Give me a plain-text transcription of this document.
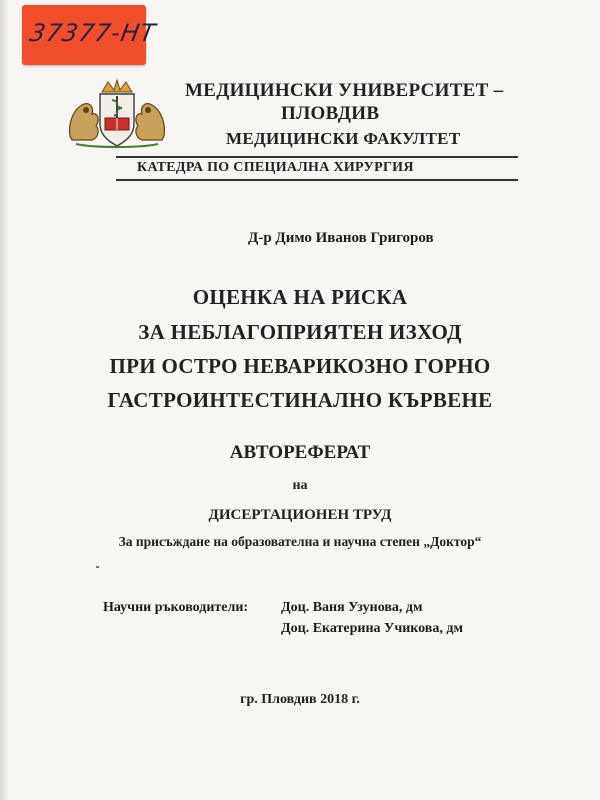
37377-НТ
МЕДИЦИНСКИ УНИВЕРСИТЕТ –
ПЛОВДИВ
МЕДИЦИНСКИ ФАКУЛТЕТ
КАТЕДРА ПО СПЕЦИАЛНА ХИРУРГИЯ
Д-р Димо Иванов Григоров
ОЦЕНКА НА РИСКА
ЗА НЕБЛАГОПРИЯТЕН ИЗХОД
ПРИ ОСТРО НЕВАРИКОЗНО ГОРНО
ГАСТРОИНТЕСТИНАЛНО КЪРВЕНЕ
АВТОРЕФЕРАТ
на
ДИСЕРТАЦИОНЕН ТРУД
За присъждане на образователна и научна степен „Доктор“
Научни ръководители: Доц. Ваня Узунова, дм
Доц. Екатерина Учикова, дм
гр. Пловдив 2018 г.
